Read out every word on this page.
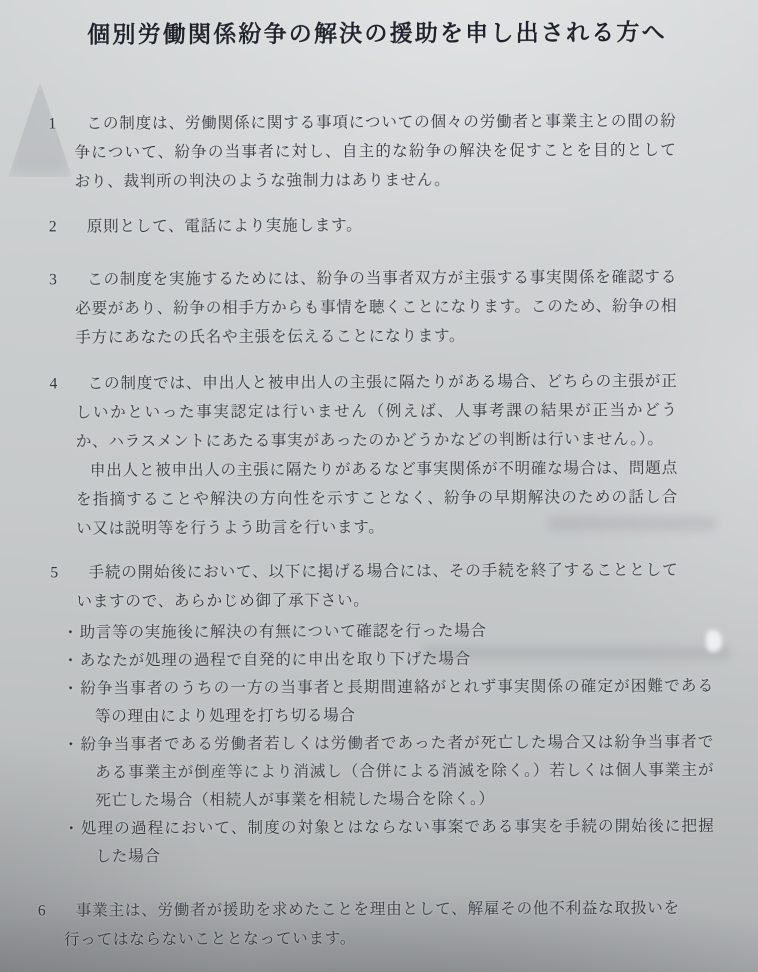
個別労働関係紛争の解決の援助を申し出される方へ

1 この制度は、労働関係に関する事項についての個々の労働者と事業主との間の紛争について、紛争の当事者に対し、自主的な紛争の解決を促すことを目的としており、裁判所の判決のような強制力はありません。

2 原則として、電話により実施します。

3 この制度を実施するためには、紛争の当事者双方が主張する事実関係を確認する必要があり、紛争の相手方からも事情を聴くことになります。このため、紛争の相手方にあなたの氏名や主張を伝えることになります。

4 この制度では、申出人と被申出人の主張に隔たりがある場合、どちらの主張が正しいかといった事実認定は行いません（例えば、人事考課の結果が正当かどうか、ハラスメントにあたる事実があったのかどうかなどの判断は行いません。）。

申出人と被申出人の主張に隔たりがあるなど事実関係が不明確な場合は、問題点を指摘することや解決の方向性を示すことなく、紛争の早期解決のための話し合い又は説明等を行うよう助言を行います。

5 手続の開始後において、以下に掲げる場合には、その手続を終了することとしていますので、あらかじめ御了承下さい。

・助言等の実施後に解決の有無について確認を行った場合

・あなたが処理の過程で自発的に申出を取り下げた場合

・紛争当事者のうちの一方の当事者と長期間連絡がとれず事実関係の確定が困難である等の理由により処理を打ち切る場合

・紛争当事者である労働者若しくは労働者であった者が死亡した場合又は紛争当事者である事業主が倒産等により消滅し（合併による消滅を除く。）若しくは個人事業主が死亡した場合（相続人が事業を相続した場合を除く。）

・処理の過程において、制度の対象とはならない事案である事実を手続の開始後に把握した場合

6 事業主は、労働者が援助を求めたことを理由として、解雇その他不利益な取扱いを行ってはならないこととなっています。
